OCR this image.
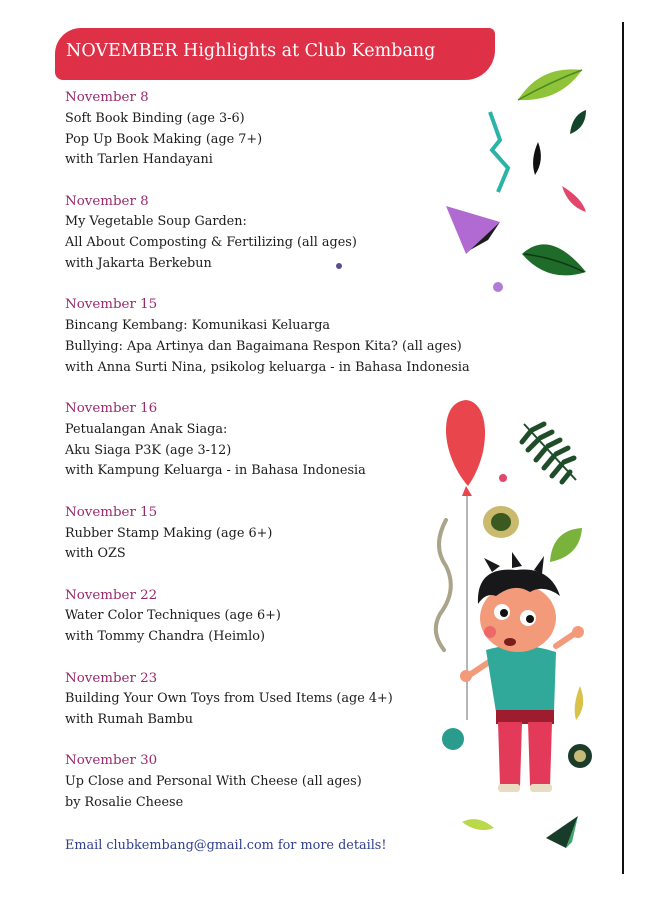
NOVEMBER Highlights at Club Kembang
November 8
Soft Book Binding (age 3-6)
Pop Up Book Making (age 7+)
with Tarlen Handayani
November 8
My Vegetable Soup Garden:
All About Composting & Fertilizing (all ages)
with Jakarta Berkebun
November 15
Bincang Kembang: Komunikasi Keluarga
Bullying: Apa Artinya dan Bagaimana Respon Kita? (all ages)
with Anna Surti Nina, psikolog keluarga - in Bahasa Indonesia
November 16
Petualangan Anak Siaga:
Aku Siaga P3K (age 3-12)
with Kampung Keluarga - in Bahasa Indonesia
November 15
Rubber Stamp Making (age 6+)
with OZS
November 22
Water Color Techniques (age 6+)
with Tommy Chandra (Heimlo)
November 23
Building Your Own Toys from Used Items (age 4+)
with Rumah Bambu
November 30
Up Close and Personal With Cheese (all ages)
by Rosalie Cheese
Email clubkembang@gmail.com for more details!
